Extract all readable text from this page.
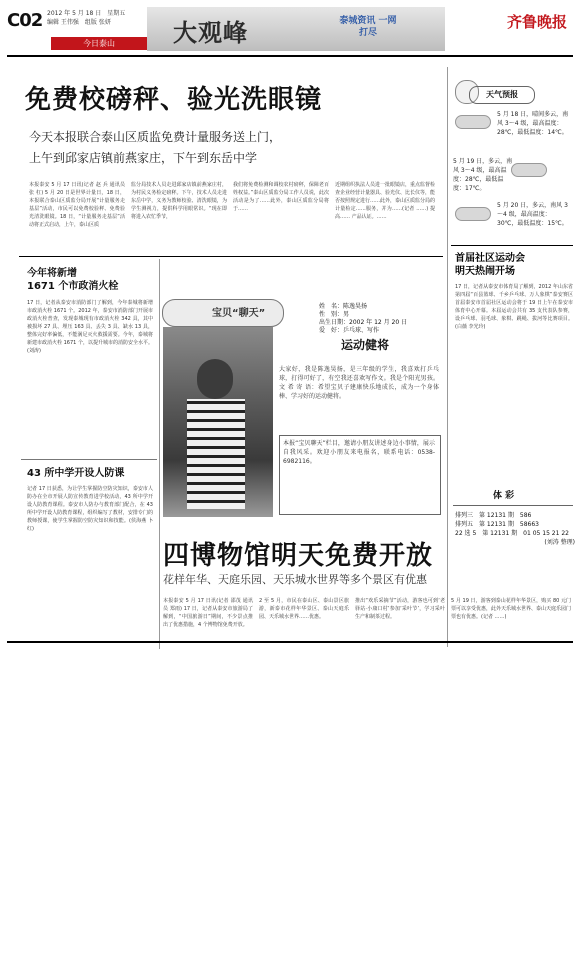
C02 2012 年 5 月 18 日　星期五
编辑 王伟强　组版 张妍
今日泰山	大观峰	泰城资讯 一网打尽
齐鲁晚报
免费校磅秤、验光洗眼镜
今天本报联合泰山区质监免费计量服务送上门，
上午到邱家店镇前燕家庄，下午到东岳中学
本报泰安 5 月 17 日讯(记者 赵 兵 通讯员 张 杠) 5 月 20 日是世界计量日，18 日，本报联合泰山区质监分局开展“计量服务走基层”活动，市民可以免费校验秤、免费验光清洗眼镜。18 日，“计量服务走基层”活动将正式启动，上午，泰山区质
监分局技术人员走进邱家店镇前燕家庄村，为村民义务检定磅秤。下午，技术人员走进东岳中学，义务为教师校验、清洗眼镜，为学生测视力，提供科学用眼常识。“现在即将进入农忙季节，
我们将免费检测和调校农村磅秤，保障老百姓权益。”泰山区质监分局工作人员说，此次活动是为了……此外，泰山区质监分局将于……
近期组织执法人员进一批眼镜店，重点监督检查企业经营计量器具、验光仪、比长仪等，能否按照规定进行……此外，泰山区质监分局的计量检定……服务，并为……(记者 ……) 提高…… 产品认证。……
天气预报
5 月 18 日，晴间多云，南风 3～4 级，最高温度：28℃，最低温度：14℃。
5 月 19 日，多云，南风 3～4 级，最高温度：28℃，最低温度：17℃。
5 月 20 日，多云，南风 3～4 级，最高温度：30℃，最低温度：15℃。
首届社区运动会
明天热闹开场
17 日，记者从泰安市体育局了解到，2012 年山东省第四届“百县篮球、千乡乒乓球、万人象棋”泰安赛区首届泰安市首届社区运动会将于 19 日上午在泰安市体育中心开幕。本届运动会共有 35 支代表队参赛，设乒乓球、羽毛球、象棋、跳绳、拔河等比赛项目。(白薇 李光玲)
体 彩
排列三　第 12131 期　586
排列五　第 12131 期　58663
22 选 5　第 12131 期　01 05 15 21 22
(刘涛 整理)
今年将新增
1671 个市政消火栓
17 日，记者从泰安市消防部门了解到，今年泰城将新增市政消火栓 1671 个。2012 年，泰安市消防部门开展市政消火栓普查，发现泰城现有市政消火栓 342 具，其中被损坏 27 具、埋压 163 具、丢失 3 具、缺水 13 具，整体完好率偏低，不能满足灭火救援需要。今年，泰城将新建市政消火栓 1671 个，以提升城市的消防安全水平。(刘涛)
43 所中学开设人防课
记者 17 日获悉，为让学生掌握防空防灾知识，泰安市人防办在全市开展人防宣传教育进学校活动，43 所中学开设人防教育课程。泰安市人防办与教育部门配合，在 43 所中学开设人防教育课程，组织编写了教材，安排专门的教师授课，使学生掌握防空防灾知识和技能。(侯海燕 卜红)
宝贝“聊天”
姓　名：陈逸昊扬
性　别：男
出生日期：2002 年 12 月 20 日
爱　好：乒乓球、写作
运动健将
大家好，我是陈逸昊扬，是三年级的学生，我喜欢打乒乓球，打得可好了，有空我还喜欢写作文。我是个阳光男孩。文 希 寄 语：希望宝贝子建康快乐地成长，成为一个身体棒、学习好的运动健将。
本报“宝贝聊天”栏目，邀请小朋友讲述身边小事情，展示自我风采。欢迎小朋友来电报名，联系电话：0538-6982116。
四博物馆明天免费开放
花样年华、天庭乐园、天乐城水世界等多个景区有优惠
本报泰安 5 月 17 日讯(记者 邵茂 通讯员 郑雨) 17 日，记者从泰安市旅游局了解到，“中国旅游日”期间，不少景点推出了优惠措施，4 个博物馆免费开放。
2 至 5 月，市民在泰山区、泰山景区旅游，新泰市花样年华景区、泰山天庭乐园、天乐城水世界……优惠。
推出“欢乐采摘节”活动，游客也可到‘老驿站·小康口村’参加‘采叶节’，学习采叶生产和制茶过程。
5 月 19 日，游客到泰山花样年华景区，购买 80 元门票可以享受优惠，此外天乐城水世界、泰山天庭乐园门票也有优惠。(记者 ……)
